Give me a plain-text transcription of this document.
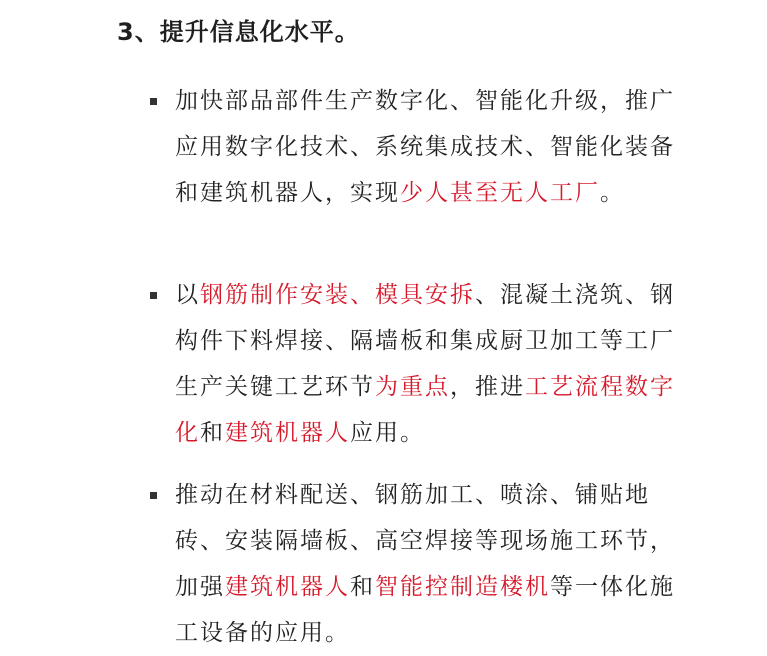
3、提升信息化水平。
加快部品部件生产数字化、智能化升级，推广应用数字化技术、系统集成技术、智能化装备和建筑机器人，实现少人甚至无人工厂。
以钢筋制作安装、模具安拆、混凝土浇筑、钢构件下料焊接、隔墙板和集成厨卫加工等工厂生产关键工艺环节为重点，推进工艺流程数字化和建筑机器人应用。
推动在材料配送、钢筋加工、喷涂、铺贴地砖、安装隔墙板、高空焊接等现场施工环节，加强建筑机器人和智能控制造楼机等一体化施工设备的应用。
